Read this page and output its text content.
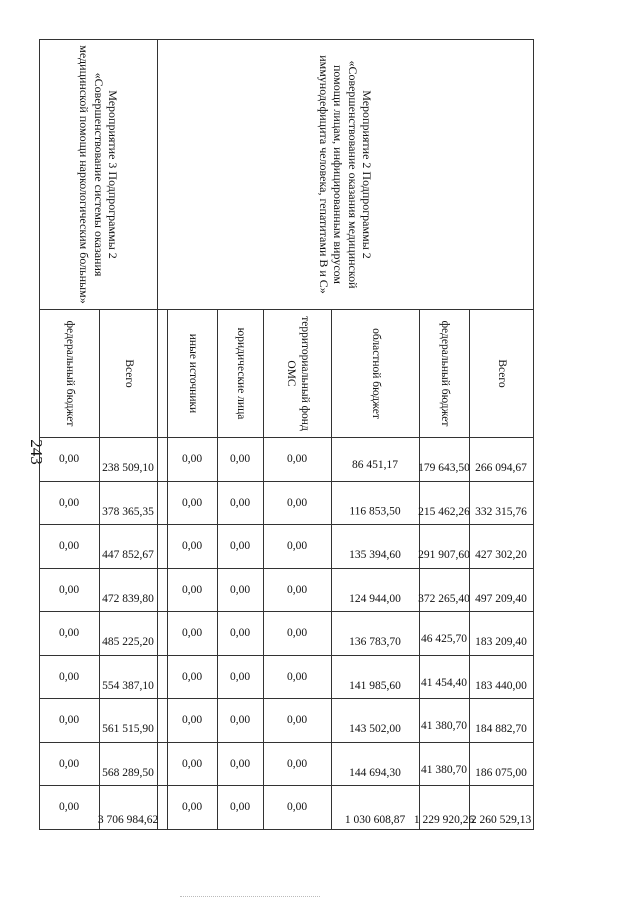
243
Мероприятие 2 Подпрограммы 2 «Совершенствование оказания медицинской помощи лицам, инфицированным вирусом иммунодефицита человека, гепатитами В и С»	Всего	266 094,67	332 315,76	427 302,20	497 209,40	183 209,40	183 440,00	184 882,70	186 075,00	2 260 529,13
	федеральный бюджет	179 643,50	215 462,26	291 907,60	372 265,40	46 425,70	41 454,40	41 380,70	41 380,70	1 229 920,26
	областной бюджет	86 451,17	116 853,50	135 394,60	124 944,00	136 783,70	141 985,60	143 502,00	144 694,30	1 030 608,87
	территориальный фонд ОМС	0,00	0,00	0,00	0,00	0,00	0,00	0,00	0,00	0,00
	юридические лица	0,00	0,00	0,00	0,00	0,00	0,00	0,00	0,00	0,00
	иные источники	0,00	0,00	0,00	0,00	0,00	0,00	0,00	0,00	0,00

Мероприятие 3 Подпрограммы 2 «Совершенствование системы оказания медицинской помощи наркологическим больным»	Всего	238 509,10	378 365,35	447 852,67	472 839,80	485 225,20	554 387,10	561 515,90	568 289,50	3 706 984,62
	федеральный бюджет	0,00	0,00	0,00	0,00	0,00	0,00	0,00	0,00	0,00
